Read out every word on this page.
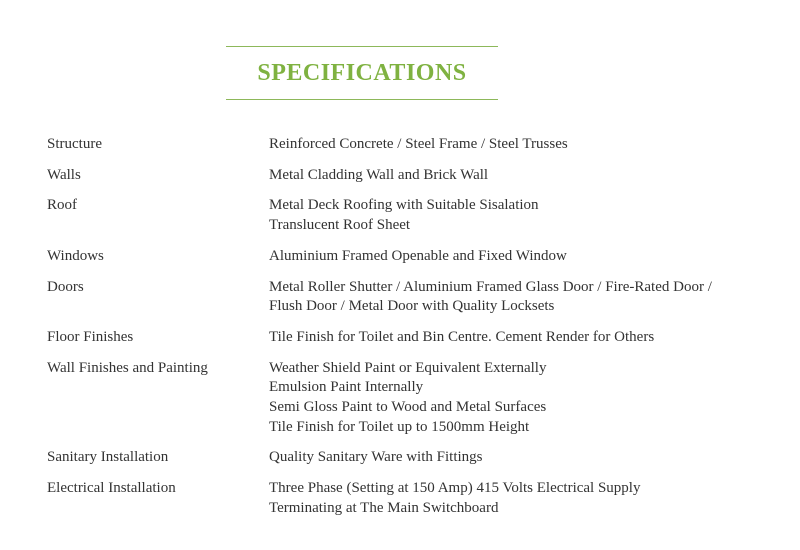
SPECIFICATIONS
Structure	Reinforced Concrete / Steel Frame / Steel Trusses
Walls	Metal Cladding Wall and Brick Wall
Roof	Metal Deck Roofing with Suitable Sisalation
Translucent Roof Sheet
Windows	Aluminium Framed Openable and Fixed Window
Doors	Metal Roller Shutter / Aluminium Framed Glass Door / Fire-Rated Door /
Flush Door / Metal Door with Quality Locksets
Floor Finishes	Tile Finish for Toilet and Bin Centre. Cement Render for Others
Wall Finishes and Painting	Weather Shield Paint or Equivalent Externally
Emulsion Paint Internally
Semi Gloss Paint to Wood and Metal Surfaces
Tile Finish for Toilet up to 1500mm Height
Sanitary Installation	Quality Sanitary Ware with Fittings
Electrical Installation	Three Phase (Setting at 150 Amp) 415 Volts Electrical Supply
Terminating at The Main Switchboard
